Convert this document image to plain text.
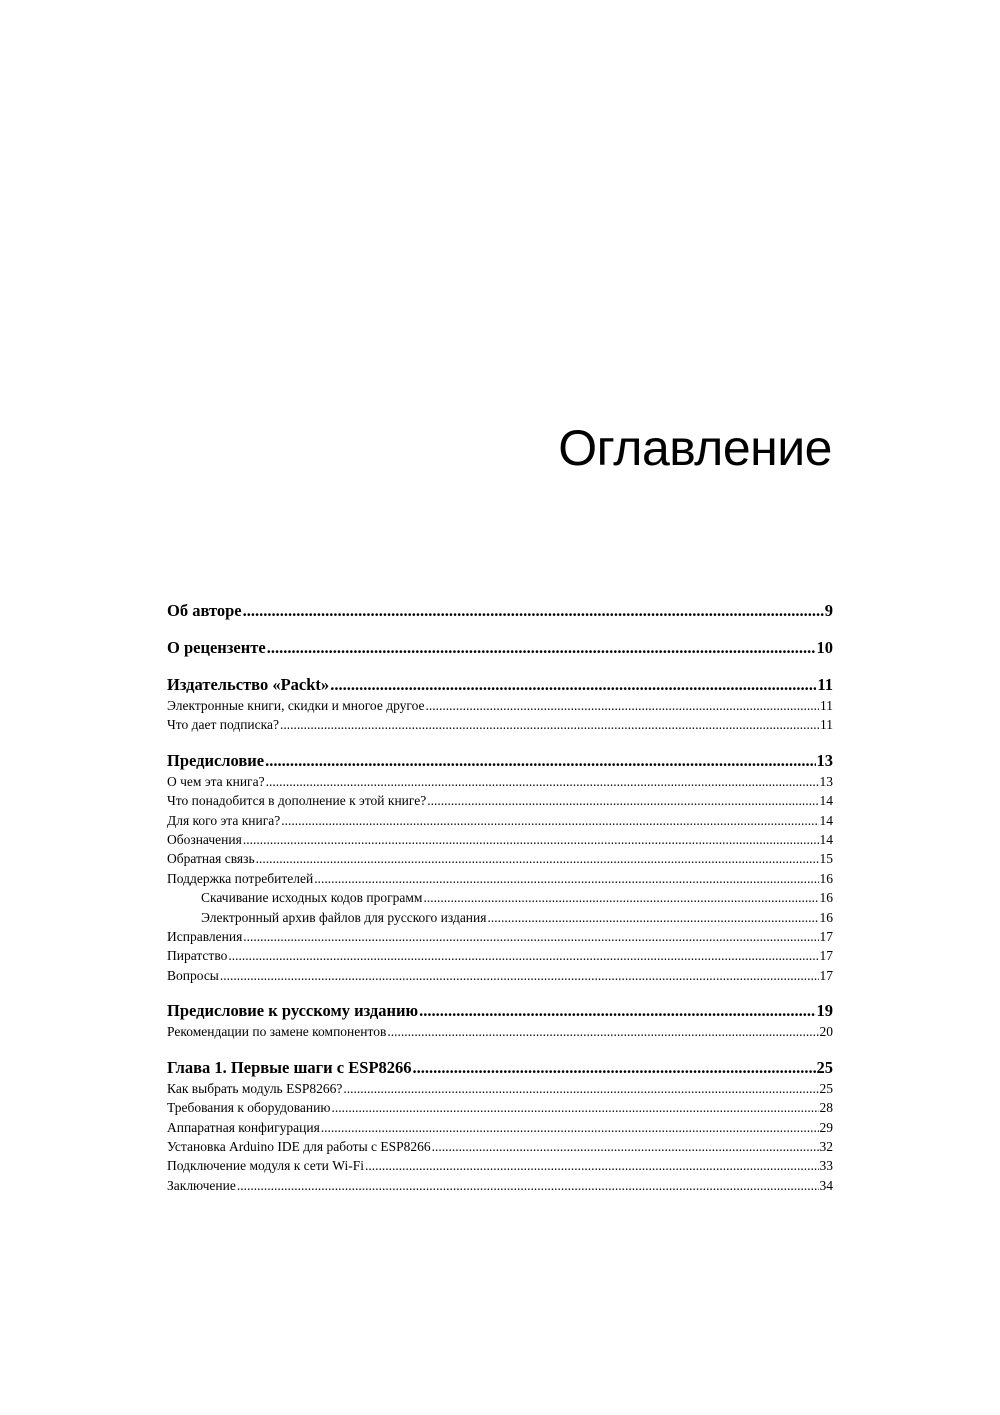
Оглавление
Об авторе .....	9
О рецензенте .....	10
Издательство «Packt» .....	11
Электронные книги, скидки и многое другое .....	11
Что дает подписка? .....	11
Предисловие .....	13
О чем эта книга? .....	13
Что понадобится в дополнение к этой книге? .....	14
Для кого эта книга? .....	14
Обозначения .....	14
Обратная связь .....	15
Поддержка потребителей .....	16
Скачивание исходных кодов программ .....	16
Электронный архив файлов для русского издания .....	16
Исправления .....	17
Пиратство .....	17
Вопросы .....	17
Предисловие к русскому изданию .....	19
Рекомендации по замене компонентов .....	20
Глава 1. Первые шаги с ESP8266 .....	25
Как выбрать модуль ESP8266? .....	25
Требования к оборудованию .....	28
Аппаратная конфигурация .....	29
Установка Arduino IDE для работы с ESP8266 .....	32
Подключение модуля к сети Wi-Fi .....	33
Заключение .....	34
